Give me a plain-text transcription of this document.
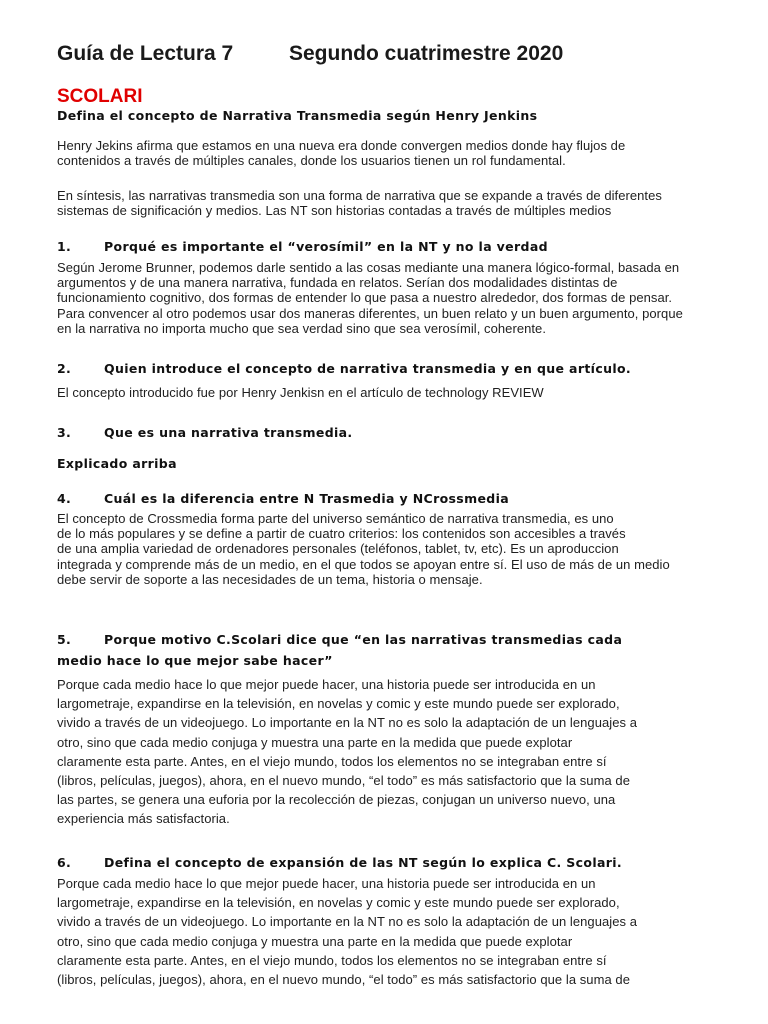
Guía de Lectura 7	Segundo cuatrimestre 2020
SCOLARI
Defina el concepto de Narrativa Transmedia según Henry Jenkins
Henry Jekins afirma que estamos en una nueva era donde convergen medios donde hay flujos de
contenidos a través de múltiples canales, donde los usuarios tienen un rol fundamental.
En síntesis, las narrativas transmedia son una forma de narrativa que se expande a través de diferentes
sistemas de significación y medios. Las NT son historias contadas a través de múltiples medios
1.	Porqué es importante el “verosímil” en la NT y no la verdad
Según Jerome Brunner, podemos darle sentido a las cosas mediante una manera lógico-formal, basada en
argumentos y de una manera narrativa, fundada en relatos. Serían dos modalidades distintas de
funcionamiento cognitivo, dos formas de entender lo que pasa a nuestro alrededor, dos formas de pensar.
Para convencer al otro podemos usar dos maneras diferentes, un buen relato y un buen argumento, porque
en la narrativa no importa mucho que sea verdad sino que sea verosímil, coherente.
2.	Quien introduce el concepto de narrativa transmedia y en que artículo.
El concepto introducido fue por Henry Jenkisn en el artículo de technology REVIEW
3.	Que es una narrativa transmedia.
Explicado arriba
4.	Cuál es la diferencia entre N Trasmedia y NCrossmedia
El concepto de Crossmedia forma parte del universo semántico de narrativa transmedia, es uno
de lo más populares y se define a partir de cuatro criterios: los contenidos son accesibles a través
de una amplia variedad de ordenadores personales (teléfonos, tablet, tv, etc). Es un aproduccion
integrada y comprende más de un medio, en el que todos se apoyan entre sí. El uso de más de un medio
debe servir de soporte a las necesidades de un tema, historia o mensaje.
5.	Porque motivo C.Scolari dice que “en las narrativas transmedias cada
medio hace lo que mejor sabe hacer”
Porque cada medio hace lo que mejor puede hacer, una historia puede ser introducida en un
largometraje, expandirse en la televisión, en novelas y comic y este mundo puede ser explorado,
vivido a través de un videojuego. Lo importante en la NT no es solo la adaptación de un lenguajes a
otro, sino que cada medio conjuga y muestra una parte en la medida que puede explotar
claramente esta parte. Antes, en el viejo mundo, todos los elementos no se integraban entre sí
(libros, películas, juegos), ahora, en el nuevo mundo, “el todo” es más satisfactorio que la suma de
las partes, se genera una euforia por la recolección de piezas, conjugan un universo nuevo, una
experiencia más satisfactoria.
6.	Defina el concepto de expansión de las NT según lo explica C. Scolari.
Porque cada medio hace lo que mejor puede hacer, una historia puede ser introducida en un
largometraje, expandirse en la televisión, en novelas y comic y este mundo puede ser explorado,
vivido a través de un videojuego. Lo importante en la NT no es solo la adaptación de un lenguajes a
otro, sino que cada medio conjuga y muestra una parte en la medida que puede explotar
claramente esta parte. Antes, en el viejo mundo, todos los elementos no se integraban entre sí
(libros, películas, juegos), ahora, en el nuevo mundo, “el todo” es más satisfactorio que la suma de
